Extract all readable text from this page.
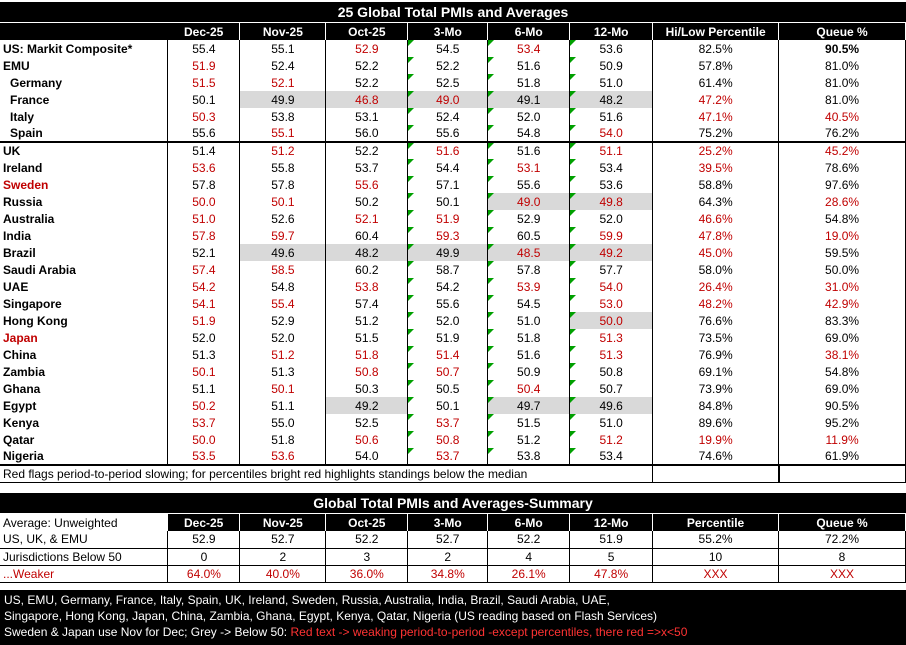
25 Global Total PMIs and Averages
	Dec-25	Nov-25	Oct-25	3-Mo	6-Mo	12-Mo	Hi/Low Percentile	Queue %
US: Markit Composite*	55.4	55.1	52.9	54.5	53.4	53.6	82.5%	90.5%
EMU	51.9	52.4	52.2	52.2	51.6	50.9	57.8%	81.0%
Germany	51.5	52.1	52.2	52.5	51.8	51.0	61.4%	81.0%
France	50.1	49.9	46.8	49.0	49.1	48.2	47.2%	81.0%
Italy	50.3	53.8	53.1	52.4	52.0	51.6	47.1%	40.5%
Spain	55.6	55.1	56.0	55.6	54.8	54.0	75.2%	76.2%
UK	51.4	51.2	52.2	51.6	51.6	51.1	25.2%	45.2%
Ireland	53.6	55.8	53.7	54.4	53.1	53.4	39.5%	78.6%
Sweden	57.8	57.8	55.6	57.1	55.6	53.6	58.8%	97.6%
Russia	50.0	50.1	50.2	50.1	49.0	49.8	64.3%	28.6%
Australia	51.0	52.6	52.1	51.9	52.9	52.0	46.6%	54.8%
India	57.8	59.7	60.4	59.3	60.5	59.9	47.8%	19.0%
Brazil	52.1	49.6	48.2	49.9	48.5	49.2	45.0%	59.5%
Saudi Arabia	57.4	58.5	60.2	58.7	57.8	57.7	58.0%	50.0%
UAE	54.2	54.8	53.8	54.2	53.9	54.0	26.4%	31.0%
Singapore	54.1	55.4	57.4	55.6	54.5	53.0	48.2%	42.9%
Hong Kong	51.9	52.9	51.2	52.0	51.0	50.0	76.6%	83.3%
Japan	52.0	52.0	51.5	51.9	51.8	51.3	73.5%	69.0%
China	51.3	51.2	51.8	51.4	51.6	51.3	76.9%	38.1%
Zambia	50.1	51.3	50.8	50.7	50.9	50.8	69.1%	54.8%
Ghana	51.1	50.1	50.3	50.5	50.4	50.7	73.9%	69.0%
Egypt	50.2	51.1	49.2	50.1	49.7	49.6	84.8%	90.5%
Kenya	53.7	55.0	52.5	53.7	51.5	51.0	89.6%	95.2%
Qatar	50.0	51.8	50.6	50.8	51.2	51.2	19.9%	11.9%
Nigeria	53.5	53.6	54.0	53.7	53.8	53.4	74.6%	61.9%
Red flags period-to-period slowing; for percentiles bright red highlights standings below the median								
Global Total PMIs and Averages-Summary
Average: Unweighted	Dec-25	Nov-25	Oct-25	3-Mo	6-Mo	12-Mo	Percentile	Queue %
US, UK, & EMU	52.9	52.7	52.2	52.7	52.2	51.9	55.2%	72.2%
Jurisdictions Below 50	0	2	3	2	4	5	10	8
...Weaker	64.0%	40.0%	36.0%	34.8%	26.1%	47.8%	XXX	XXX
US, EMU, Germany, France, Italy, Spain, UK, Ireland, Sweden, Russia, Australia, India, Brazil, Saudi Arabia, UAE,
Singapore, Hong Kong, Japan, China, Zambia, Ghana, Egypt, Kenya, Qatar, Nigeria (US reading based on Flash Services)
Sweden & Japan use Nov for Dec; Grey -> Below 50: Red text -> weaking period-to-period -except percentiles, there red =>x<50
